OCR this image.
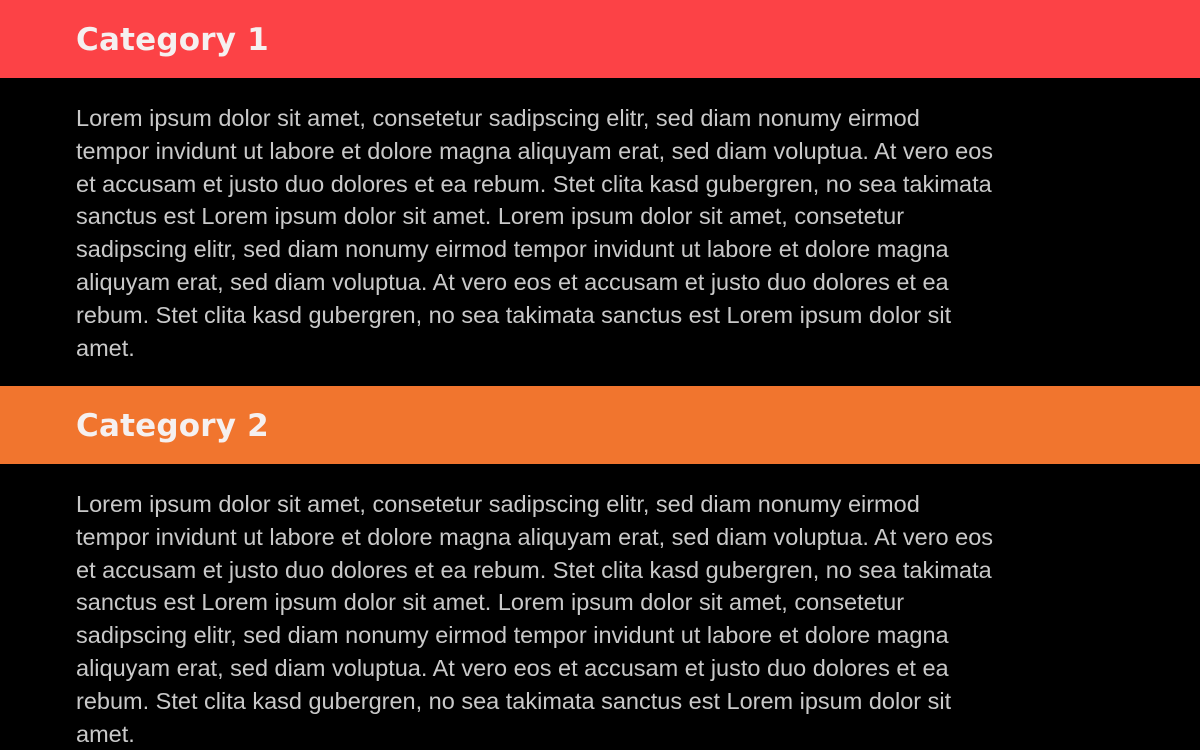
Category 1

Lorem ipsum dolor sit amet, consetetur sadipscing elitr, sed diam nonumy eirmod
tempor invidunt ut labore et dolore magna aliquyam erat, sed diam voluptua. At vero eos
et accusam et justo duo dolores et ea rebum. Stet clita kasd gubergren, no sea takimata
sanctus est Lorem ipsum dolor sit amet. Lorem ipsum dolor sit amet, consetetur
sadipscing elitr, sed diam nonumy eirmod tempor invidunt ut labore et dolore magna
aliquyam erat, sed diam voluptua. At vero eos et accusam et justo duo dolores et ea
rebum. Stet clita kasd gubergren, no sea takimata sanctus est Lorem ipsum dolor sit
amet.

Category 2

Lorem ipsum dolor sit amet, consetetur sadipscing elitr, sed diam nonumy eirmod
tempor invidunt ut labore et dolore magna aliquyam erat, sed diam voluptua. At vero eos
et accusam et justo duo dolores et ea rebum. Stet clita kasd gubergren, no sea takimata
sanctus est Lorem ipsum dolor sit amet. Lorem ipsum dolor sit amet, consetetur
sadipscing elitr, sed diam nonumy eirmod tempor invidunt ut labore et dolore magna
aliquyam erat, sed diam voluptua. At vero eos et accusam et justo duo dolores et ea
rebum. Stet clita kasd gubergren, no sea takimata sanctus est Lorem ipsum dolor sit
amet.
